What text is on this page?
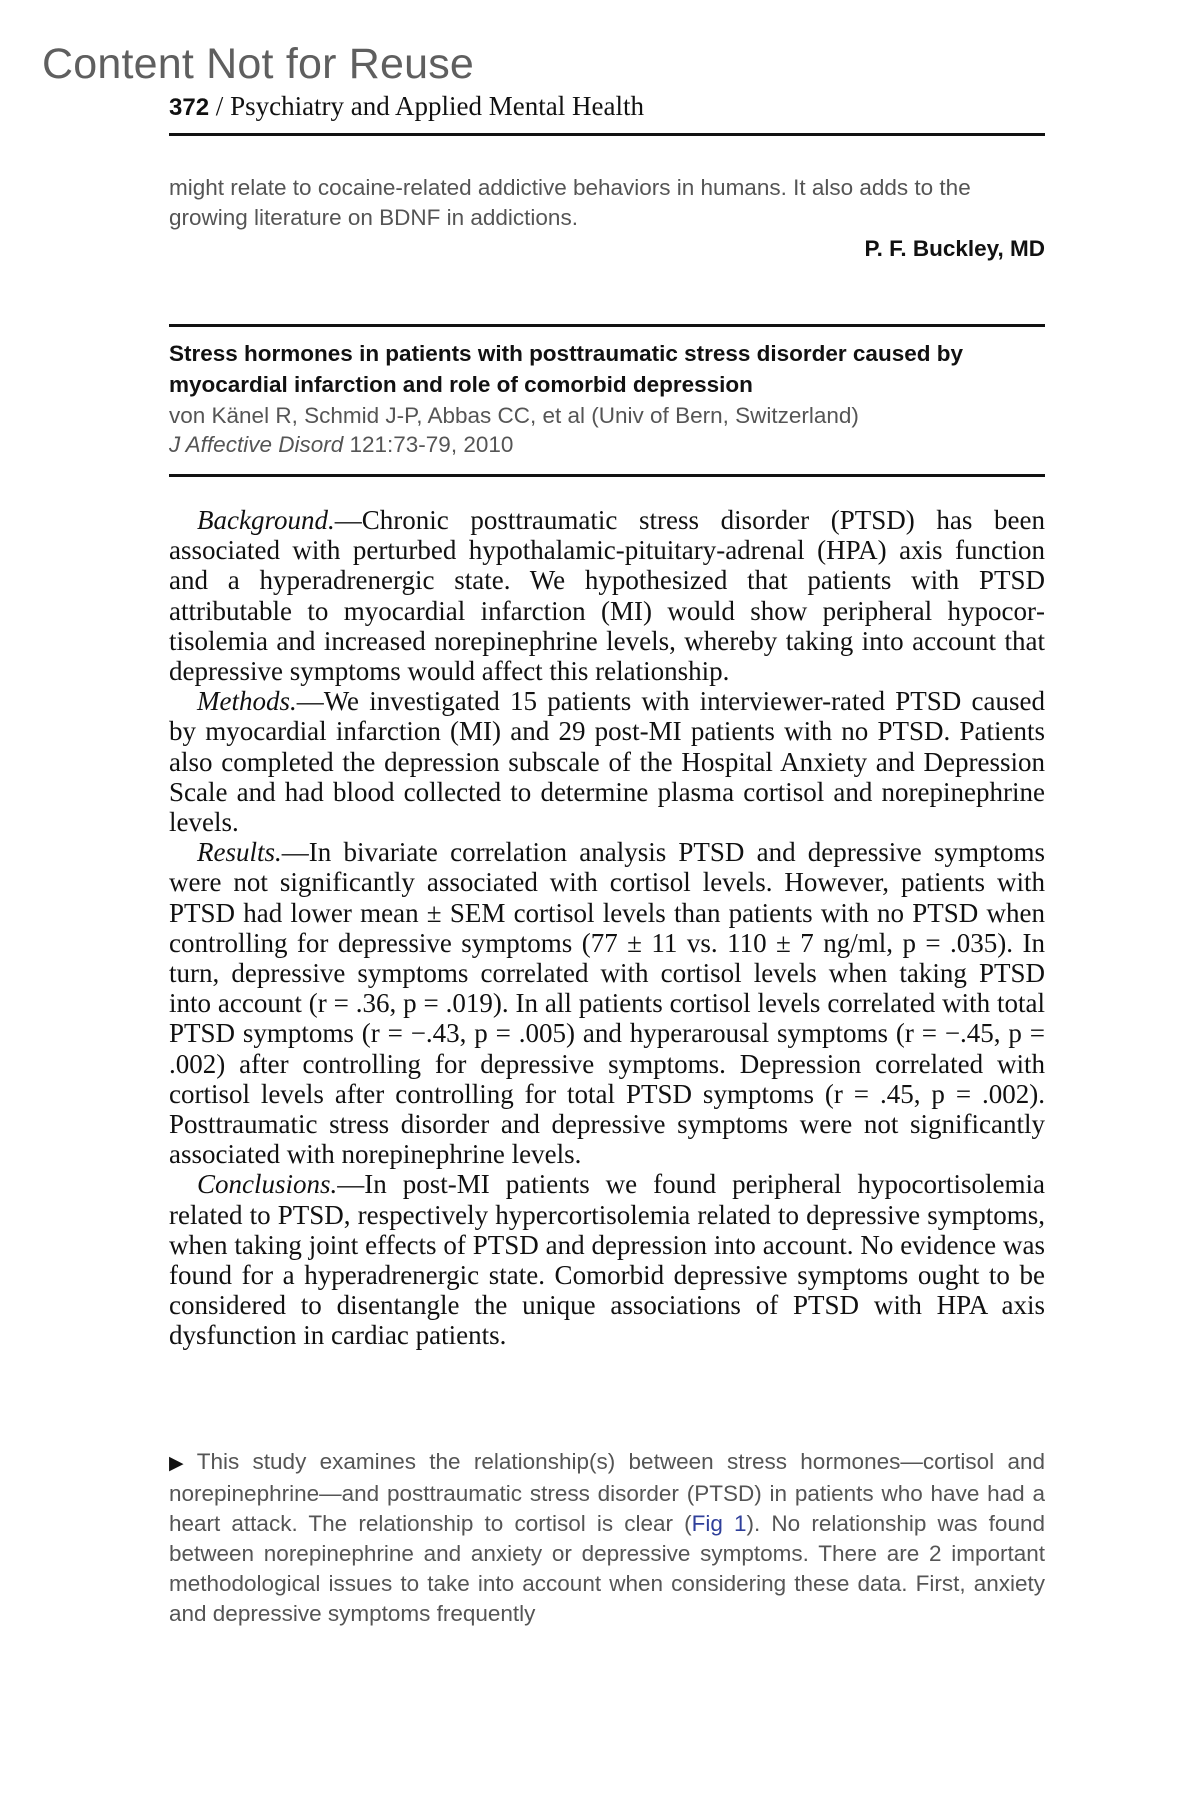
Content Not for Reuse
372 / Psychiatry and Applied Mental Health
might relate to cocaine-related addictive behaviors in humans. It also adds to the growing literature on BDNF in addictions.
P. F. Buckley, MD
Stress hormones in patients with posttraumatic stress disorder caused by myocardial infarction and role of comorbid depression
von Känel R, Schmid J-P, Abbas CC, et al (Univ of Bern, Switzerland)
J Affective Disord 121:73-79, 2010

Background.—Chronic posttraumatic stress disorder (PTSD) has been associated with perturbed hypothalamic-pituitary-adrenal (HPA) axis function and a hyperadrenergic state. We hypothesized that patients with PTSD attributable to myocardial infarction (MI) would show peripheral hypocortisolemia and increased norepinephrine levels, whereby taking into account that depressive symptoms would affect this relationship.

Methods.—We investigated 15 patients with interviewer-rated PTSD caused by myocardial infarction (MI) and 29 post-MI patients with no PTSD. Patients also completed the depression subscale of the Hospital Anxiety and Depression Scale and had blood collected to determine plasma cortisol and norepinephrine levels.

Results.—In bivariate correlation analysis PTSD and depressive symptoms were not significantly associated with cortisol levels. However, patients with PTSD had lower mean ± SEM cortisol levels than patients with no PTSD when controlling for depressive symptoms (77 ± 11 vs. 110 ± 7 ng/ml, p = .035). In turn, depressive symptoms correlated with cortisol levels when taking PTSD into account (r = .36, p = .019). In all patients cortisol levels correlated with total PTSD symptoms (r = −.43, p = .005) and hyperarousal symptoms (r = −.45, p = .002) after controlling for depressive symptoms. Depression correlated with cortisol levels after controlling for total PTSD symptoms (r = .45, p = .002). Posttraumatic stress disorder and depressive symptoms were not significantly associated with norepinephrine levels.

Conclusions.—In post-MI patients we found peripheral hypocortisolemia related to PTSD, respectively hypercortisolemia related to depressive symptoms, when taking joint effects of PTSD and depression into account. No evidence was found for a hyperadrenergic state. Comorbid depressive symptoms ought to be considered to disentangle the unique associations of PTSD with HPA axis dysfunction in cardiac patients.

▶ This study examines the relationship(s) between stress hormones—cortisol and norepinephrine—and posttraumatic stress disorder (PTSD) in patients who have had a heart attack. The relationship to cortisol is clear (Fig 1). No relationship was found between norepinephrine and anxiety or depressive symptoms. There are 2 important methodological issues to take into account when considering these data. First, anxiety and depressive symptoms frequently
